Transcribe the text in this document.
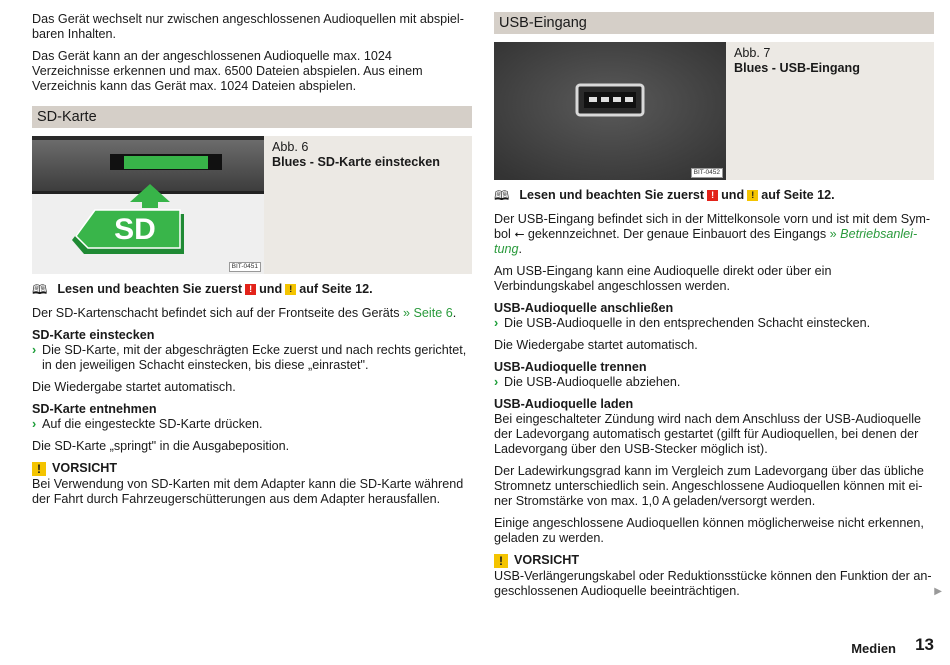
Das Gerät wechselt nur zwischen angeschlossenen Audioquellen mit abspiel-baren Inhalten.

Das Gerät kann an der angeschlossenen Audioquelle max. 1024 Verzeichnisse erkennen und max. 6500 Dateien abspielen. Aus einem Verzeichnis kann das Gerät max. 1024 Dateien abspielen.

SD-Karte
SD
BIT-0451
Abb. 6
Blues - SD-Karte einstecken
🕮 Lesen und beachten Sie zuerst ! und ! auf Seite 12.

Der SD-Kartenschacht befindet sich auf der Frontseite des Geräts » Seite 6.

SD-Karte einstecken

› Die SD-Karte, mit der abgeschrägten Ecke zuerst und nach rechts gerichtet, in den jeweiligen Schacht einstecken, bis diese „einrastet".

Die Wiedergabe startet automatisch.

SD-Karte entnehmen

› Auf die eingesteckte SD-Karte drücken.

Die SD-Karte „springt" in die Ausgabeposition.

! VORSICHT

Bei Verwendung von SD-Karten mit dem Adapter kann die SD-Karte während der Fahrt durch Fahrzeugerschütterungen aus dem Adapter herausfallen.

USB-Eingang
BIT-0452
Abb. 7
Blues - USB-Eingang
🕮 Lesen und beachten Sie zuerst ! und ! auf Seite 12.

Der USB-Eingang befindet sich in der Mittelkonsole vorn und ist mit dem Sym-bol ⭠ gekennzeichnet. Der genaue Einbauort des Eingangs » Betriebsanlei-tung.

Am USB-Eingang kann eine Audioquelle direkt oder über ein Verbindungskabel angeschlossen werden.

USB-Audioquelle anschließen

› Die USB-Audioquelle in den entsprechenden Schacht einstecken.

Die Wiedergabe startet automatisch.

USB-Audioquelle trennen

› Die USB-Audioquelle abziehen.

USB-Audioquelle laden

Bei eingeschalteter Zündung wird nach dem Anschluss der USB-Audioquelle der Ladevorgang automatisch gestartet (gilft für Audioquellen, bei denen der Ladevorgang über den USB-Stecker möglich ist).

Der Ladewirkungsgrad kann im Vergleich zum Ladevorgang über das übliche Stromnetz unterschiedlich sein. Angeschlossene Audioquellen können mit ei-ner Stromstärke von max. 1,0 A geladen/versorgt werden.

Einige angeschlossene Audioquellen können möglicherweise nicht erkennen, geladen zu werden.

! VORSICHT

USB-Verlängerungskabel oder Reduktionsstücke können den Funktion der an-geschlossenen Audioquelle beeinträchtigen.	▶
Medien 13
